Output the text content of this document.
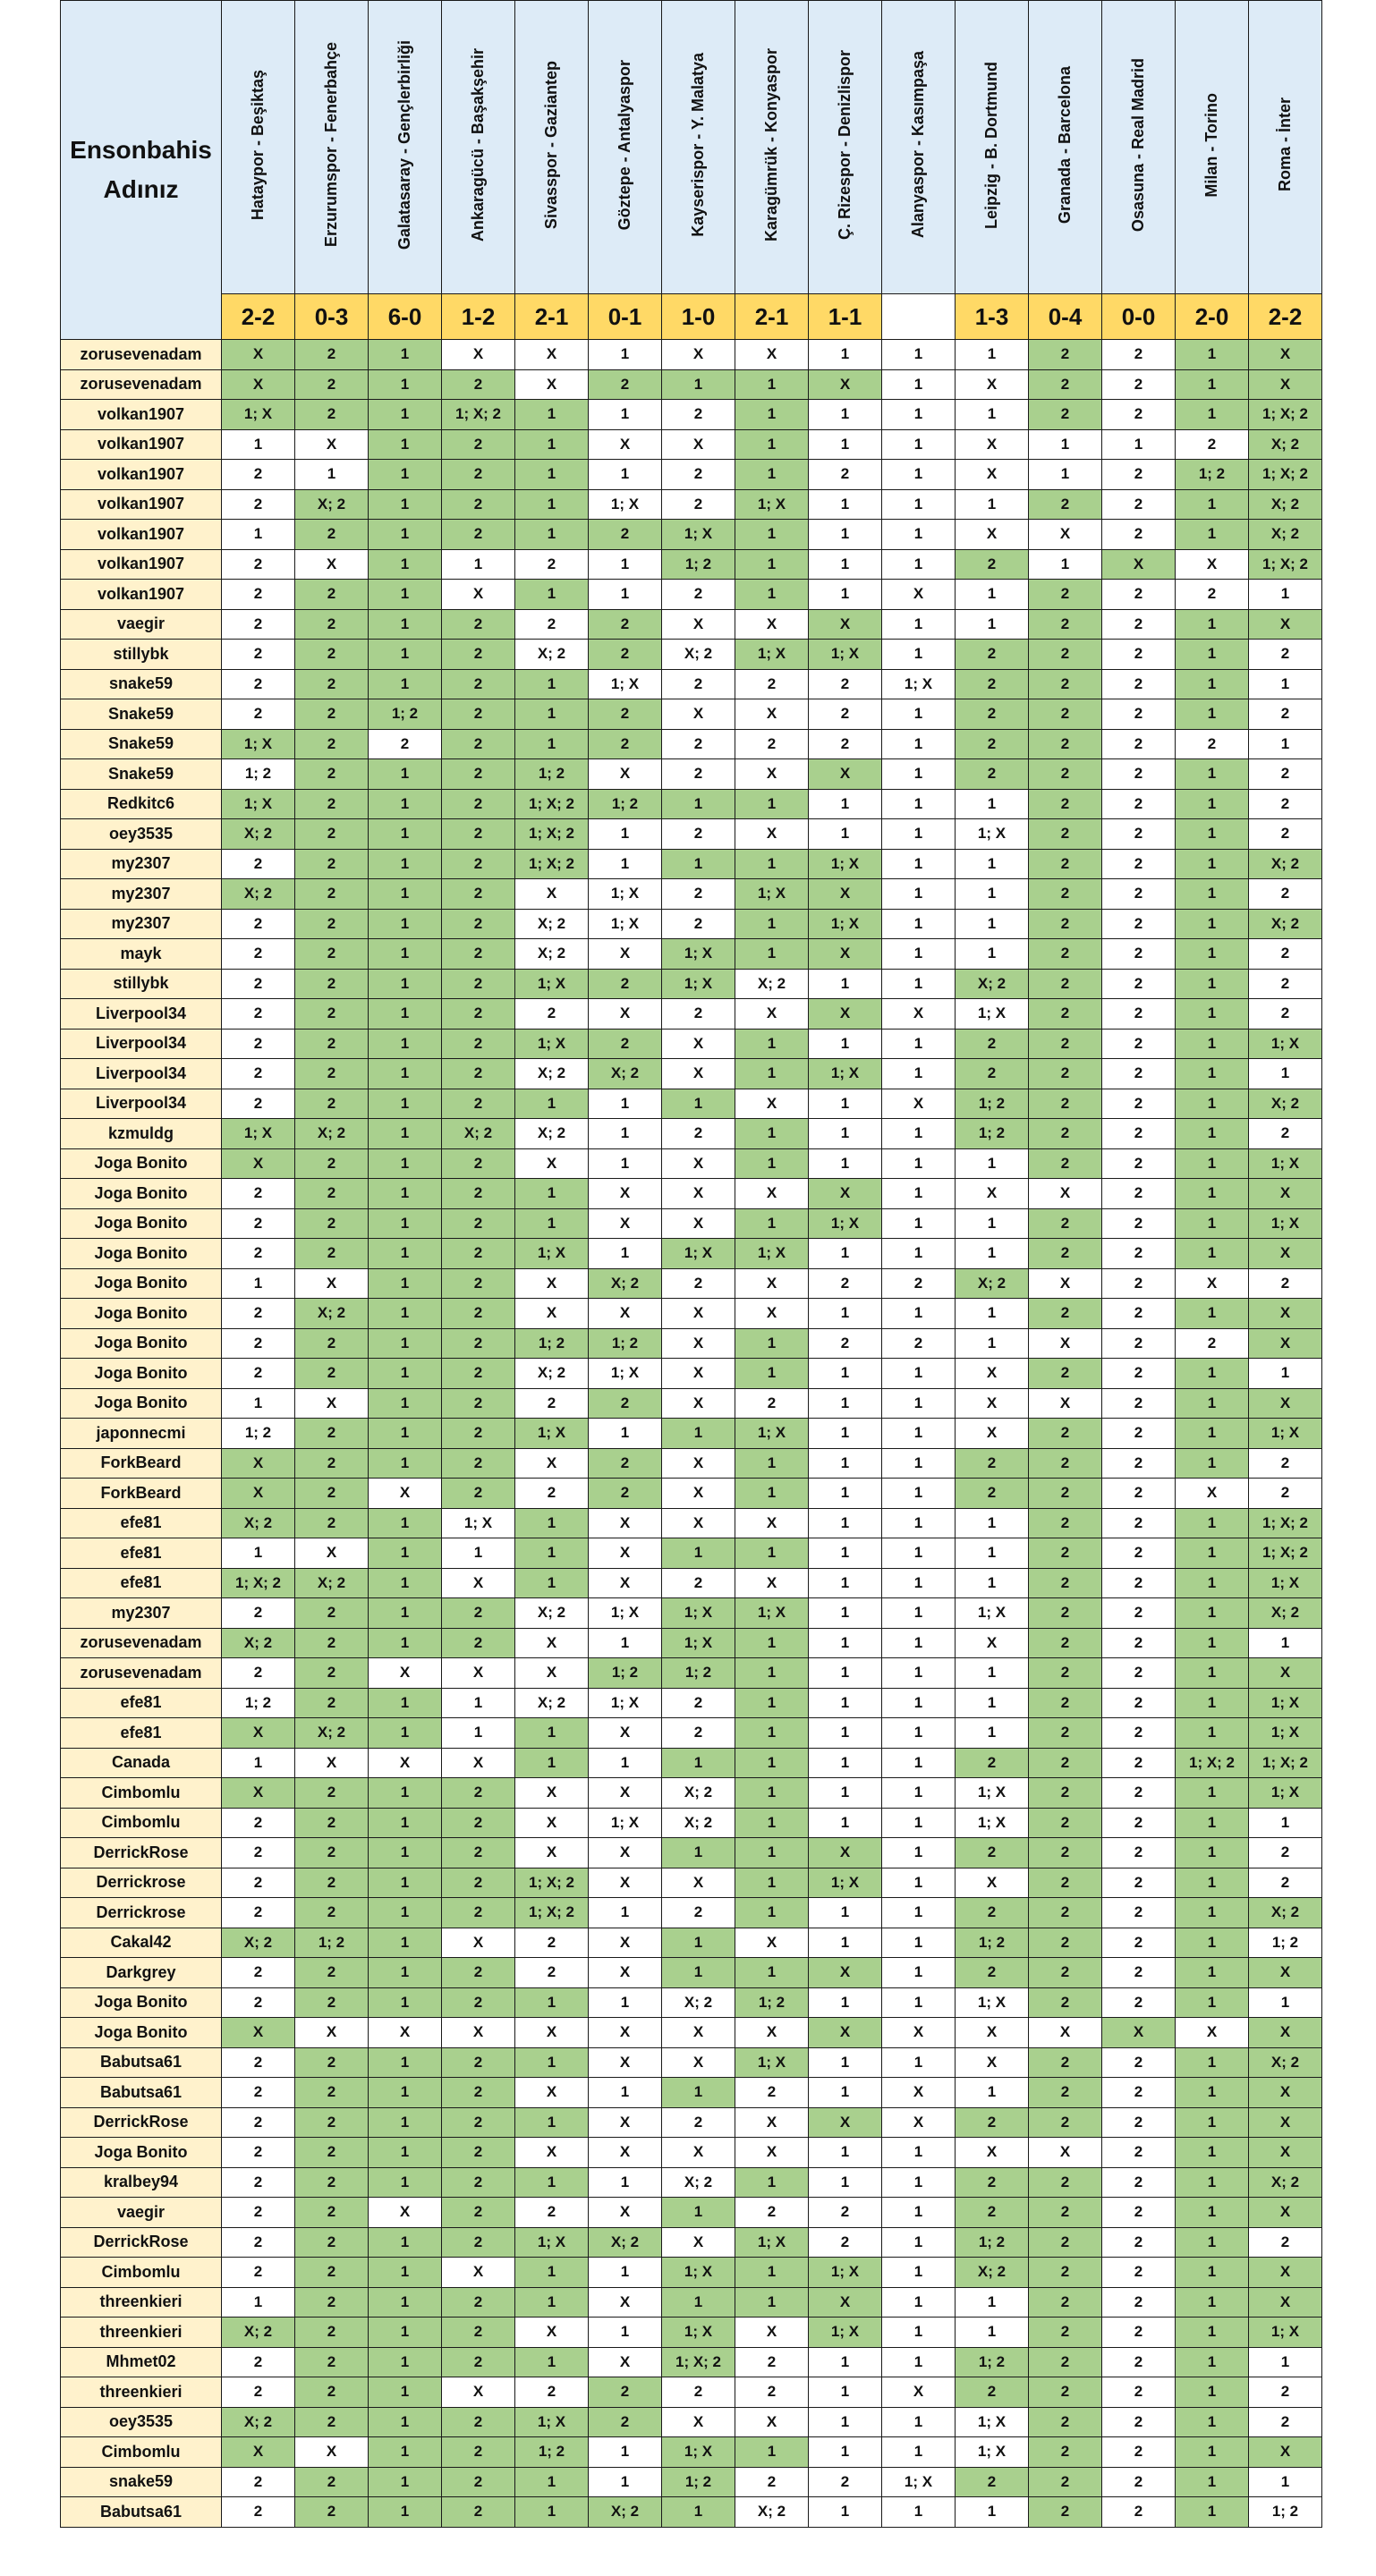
Ensonbahis Adınız	Hataypor - Beşiktaş	Erzurumspor - Fenerbahçe	Galatasaray - Gençlerbirliği	Ankaragücü - Başakşehir	Sivasspor - Gaziantep	Göztepe - Antalyaspor	Kayserispor - Y. Malatya	Karagümrük - Konyaspor	Ç. Rizespor - Denizlispor	Alanyaspor - Kasımpaşa	Leipzig - B. Dortmund	Granada - Barcelona	Osasuna - Real Madrid	Milan - Torino	Roma - İnter
	2-2	0-3	6-0	1-2	2-1	0-1	1-0	2-1	1-1		1-3	0-4	0-0	2-0	2-2
zorusevenadam	X	2	1	X	X	1	X	X	1	1	1	2	2	1	X
zorusevenadam	X	2	1	2	X	2	1	1	X	1	X	2	2	1	X
volkan1907	1; X	2	1	1; X; 2	1	1	2	1	1	1	1	2	2	1	1; X; 2
volkan1907	1	X	1	2	1	X	X	1	1	1	X	1	1	2	X; 2
volkan1907	2	1	1	2	1	1	2	1	2	1	X	1	2	1; 2	1; X; 2
volkan1907	2	X; 2	1	2	1	1; X	2	1; X	1	1	1	2	2	1	X; 2
volkan1907	1	2	1	2	1	2	1; X	1	1	1	X	X	2	1	X; 2
volkan1907	2	X	1	1	2	1	1; 2	1	1	1	2	1	X	X	1; X; 2
volkan1907	2	2	1	X	1	1	2	1	1	X	1	2	2	2	1
vaegir	2	2	1	2	2	2	X	X	X	1	1	2	2	1	X
stillybk	2	2	1	2	X; 2	2	X; 2	1; X	1; X	1	2	2	2	1	2
snake59	2	2	1	2	1	1; X	2	2	2	1; X	2	2	2	1	1
Snake59	2	2	1; 2	2	1	2	X	X	2	1	2	2	2	1	2
Snake59	1; X	2	2	2	1	2	2	2	2	1	2	2	2	2	1
Snake59	1; 2	2	1	2	1; 2	X	2	X	X	1	2	2	2	1	2
Redkitc6	1; X	2	1	2	1; X; 2	1; 2	1	1	1	1	1	2	2	1	2
oey3535	X; 2	2	1	2	1; X; 2	1	2	X	1	1	1; X	2	2	1	2
my2307	2	2	1	2	1; X; 2	1	1	1	1; X	1	1	2	2	1	X; 2
my2307	X; 2	2	1	2	X	1; X	2	1; X	X	1	1	2	2	1	2
my2307	2	2	1	2	X; 2	1; X	2	1	1; X	1	1	2	2	1	X; 2
mayk	2	2	1	2	X; 2	X	1; X	1	X	1	1	2	2	1	2
stillybk	2	2	1	2	1; X	2	1; X	X; 2	1	1	X; 2	2	2	1	2
Liverpool34	2	2	1	2	2	X	2	X	X	X	1; X	2	2	1	2
Liverpool34	2	2	1	2	1; X	2	X	1	1	1	2	2	2	1	1; X
Liverpool34	2	2	1	2	X; 2	X; 2	X	1	1; X	1	2	2	2	1	1
Liverpool34	2	2	1	2	1	1	1	X	1	X	1; 2	2	2	1	X; 2
kzmuldg	1; X	X; 2	1	X; 2	X; 2	1	2	1	1	1	1; 2	2	2	1	2
Joga Bonito	X	2	1	2	X	1	X	1	1	1	1	2	2	1	1; X
Joga Bonito	2	2	1	2	1	X	X	X	X	1	X	X	2	1	X
Joga Bonito	2	2	1	2	1	X	X	1	1; X	1	1	2	2	1	1; X
Joga Bonito	2	2	1	2	1; X	1	1; X	1; X	1	1	1	2	2	1	X
Joga Bonito	1	X	1	2	X	X; 2	2	X	2	2	X; 2	X	2	X	2
Joga Bonito	2	X; 2	1	2	X	X	X	X	1	1	1	2	2	1	X
Joga Bonito	2	2	1	2	1; 2	1; 2	X	1	2	2	1	X	2	2	X
Joga Bonito	2	2	1	2	X; 2	1; X	X	1	1	1	X	2	2	1	1
Joga Bonito	1	X	1	2	2	2	X	2	1	1	X	X	2	1	X
japonnecmi	1; 2	2	1	2	1; X	1	1	1; X	1	1	X	2	2	1	1; X
ForkBeard	X	2	1	2	X	2	X	1	1	1	2	2	2	1	2
ForkBeard	X	2	X	2	2	2	X	1	1	1	2	2	2	X	2
efe81	X; 2	2	1	1; X	1	X	X	X	1	1	1	2	2	1	1; X; 2
efe81	1	X	1	1	1	X	1	1	1	1	1	2	2	1	1; X; 2
efe81	1; X; 2	X; 2	1	X	1	X	2	X	1	1	1	2	2	1	1; X
my2307	2	2	1	2	X; 2	1; X	1; X	1; X	1	1	1; X	2	2	1	X; 2
zorusevenadam	X; 2	2	1	2	X	1	1; X	1	1	1	X	2	2	1	1
zorusevenadam	2	2	X	X	X	1; 2	1; 2	1	1	1	1	2	2	1	X
efe81	1; 2	2	1	1	X; 2	1; X	2	1	1	1	1	2	2	1	1; X
efe81	X	X; 2	1	1	1	X	2	1	1	1	1	2	2	1	1; X
Canada	1	X	X	X	1	1	1	1	1	1	2	2	2	1; X; 2	1; X; 2
Cimbomlu	X	2	1	2	X	X	X; 2	1	1	1	1; X	2	2	1	1; X
Cimbomlu	2	2	1	2	X	1; X	X; 2	1	1	1	1; X	2	2	1	1
DerrickRose	2	2	1	2	X	X	1	1	X	1	2	2	2	1	2
Derrickrose	2	2	1	2	1; X; 2	X	X	1	1; X	1	X	2	2	1	2
Derrickrose	2	2	1	2	1; X; 2	1	2	1	1	1	2	2	2	1	X; 2
Cakal42	X; 2	1; 2	1	X	2	X	1	X	1	1	1; 2	2	2	1	1; 2
Darkgrey	2	2	1	2	2	X	1	1	X	1	2	2	2	1	X
Joga Bonito	2	2	1	2	1	1	X; 2	1; 2	1	1	1; X	2	2	1	1
Joga Bonito	X	X	X	X	X	X	X	X	X	X	X	X	X	X	X
Babutsa61	2	2	1	2	1	X	X	1; X	1	1	X	2	2	1	X; 2
Babutsa61	2	2	1	2	X	1	1	2	1	X	1	2	2	1	X
DerrickRose	2	2	1	2	1	X	2	X	X	X	2	2	2	1	X
Joga Bonito	2	2	1	2	X	X	X	X	1	1	X	X	2	1	X
kralbey94	2	2	1	2	1	1	X; 2	1	1	1	2	2	2	1	X; 2
vaegir	2	2	X	2	2	X	1	2	2	1	2	2	2	1	X
DerrickRose	2	2	1	2	1; X	X; 2	X	1; X	2	1	1; 2	2	2	1	2
Cimbomlu	2	2	1	X	1	1	1; X	1	1; X	1	X; 2	2	2	1	X
threenkieri	1	2	1	2	1	X	1	1	X	1	1	2	2	1	X
threenkieri	X; 2	2	1	2	X	1	1; X	X	1; X	1	1	2	2	1	1; X
Mhmet02	2	2	1	2	1	X	1; X; 2	2	1	1	1; 2	2	2	1	1
threenkieri	2	2	1	X	2	2	2	2	1	X	2	2	2	1	2
oey3535	X; 2	2	1	2	1; X	2	X	X	1	1	1; X	2	2	1	2
Cimbomlu	X	X	1	2	1; 2	1	1; X	1	1	1	1; X	2	2	1	X
snake59	2	2	1	2	1	1	1; 2	2	2	1; X	2	2	2	1	1
Babutsa61	2	2	1	2	1	X; 2	1	X; 2	1	1	1	2	2	1	1; 2
